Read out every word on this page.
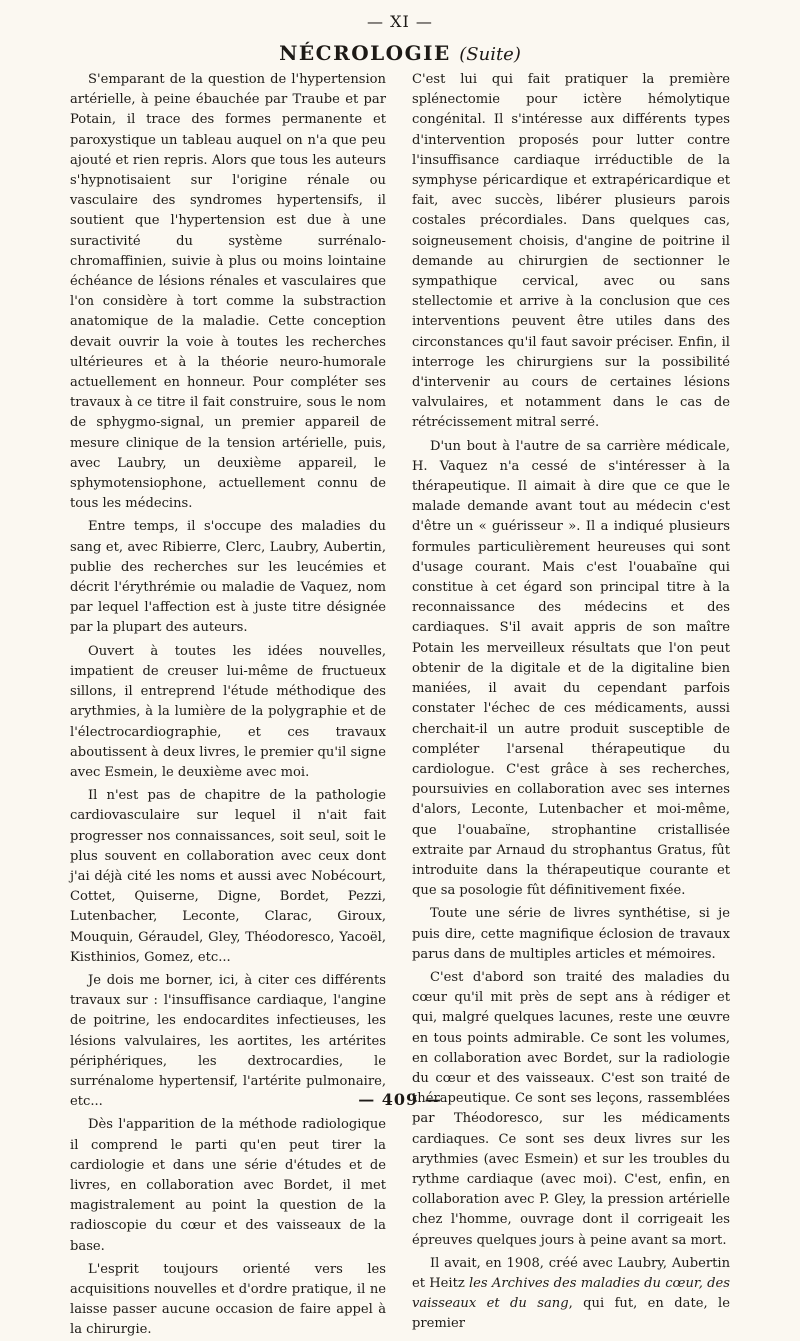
— XI —
NÉCROLOGIE (Suite)

S'emparant de la question de l'hypertension artérielle, à peine ébauchée par Traube et par Potain, il trace des formes permanente et paroxystique un tableau auquel on n'a que peu ajouté et rien repris. Alors que tous les auteurs s'hypnotisaient sur l'origine rénale ou vasculaire des syndromes hypertensifs, il soutient que l'hypertension est due à une suractivité du système surrénalo-chromaffinien, suivie à plus ou moins lointaine échéance de lésions rénales et vasculaires que l'on considère à tort comme la substraction anatomique de la maladie. Cette conception devait ouvrir la voie à toutes les recherches ultérieures et à la théorie neuro-humorale actuellement en honneur. Pour compléter ses travaux à ce titre il fait construire, sous le nom de sphygmo-signal, un premier appareil de mesure clinique de la tension artérielle, puis, avec Laubry, un deuxième appareil, le sphymotensiophone, actuellement connu de tous les médecins.

Entre temps, il s'occupe des maladies du sang et, avec Ribierre, Clerc, Laubry, Aubertin, publie des recherches sur les leucémies et décrit l'érythrémie ou maladie de Vaquez, nom par lequel l'affection est à juste titre désignée par la plupart des auteurs.

Ouvert à toutes les idées nouvelles, impatient de creuser lui-même de fructueux sillons, il entreprend l'étude méthodique des arythmies, à la lumière de la polygraphie et de l'électrocardiographie, et ces travaux aboutissent à deux livres, le premier qu'il signe avec Esmein, le deuxième avec moi.

Il n'est pas de chapitre de la pathologie cardiovasculaire sur lequel il n'ait fait progresser nos connaissances, soit seul, soit le plus souvent en collaboration avec ceux dont j'ai déjà cité les noms et aussi avec Nobécourt, Cottet, Quiserne, Digne, Bordet, Pezzi, Lutenbacher, Leconte, Clarac, Giroux, Mouquin, Géraudel, Gley, Théodoresco, Yacoël, Kisthinios, Gomez, etc...

Je dois me borner, ici, à citer ces différents travaux sur : l'insuffisance cardiaque, l'angine de poitrine, les endocardites infectieuses, les lésions valvulaires, les aortites, les artérites périphériques, les dextrocardies, le surrénalome hypertensif, l'artérite pulmonaire, etc...

Dès l'apparition de la méthode radiologique il comprend le parti qu'en peut tirer la cardiologie et dans une série d'études et de livres, en collaboration avec Bordet, il met magistralement au point la question de la radioscopie du cœur et des vaisseaux de la base.

L'esprit toujours orienté vers les acquisitions nouvelles et d'ordre pratique, il ne laisse passer aucune occasion de faire appel à la chirurgie.

C'est lui qui fait pratiquer la première splénectomie pour ictère hémolytique congénital. Il s'intéresse aux différents types d'intervention proposés pour lutter contre l'insuffisance cardiaque irréductible de la symphyse péricardique et extrapéricardique et fait, avec succès, libérer plusieurs parois costales précordiales. Dans quelques cas, soigneusement choisis, d'angine de poitrine il demande au chirurgien de sectionner le sympathique cervical, avec ou sans stellectomie et arrive à la conclusion que ces interventions peuvent être utiles dans des circonstances qu'il faut savoir préciser. Enfin, il interroge les chirurgiens sur la possibilité d'intervenir au cours de certaines lésions valvulaires, et notamment dans le cas de rétrécissement mitral serré.

D'un bout à l'autre de sa carrière médicale, H. Vaquez n'a cessé de s'intéresser à la thérapeutique. Il aimait à dire que ce que le malade demande avant tout au médecin c'est d'être un « guérisseur ». Il a indiqué plusieurs formules particulièrement heureuses qui sont d'usage courant. Mais c'est l'ouabaïne qui constitue à cet égard son principal titre à la reconnaissance des médecins et des cardiaques. S'il avait appris de son maître Potain les merveilleux résultats que l'on peut obtenir de la digitale et de la digitaline bien maniées, il avait du cependant parfois constater l'échec de ces médicaments, aussi cherchait-il un autre produit susceptible de compléter l'arsenal thérapeutique du cardiologue. C'est grâce à ses recherches, poursuivies en collaboration avec ses internes d'alors, Leconte, Lutenbacher et moi-même, que l'ouabaïne, strophantine cristallisée extraite par Arnaud du strophantus Gratus, fût introduite dans la thérapeutique courante et que sa posologie fût définitivement fixée.

Toute une série de livres synthétise, si je puis dire, cette magnifique éclosion de travaux parus dans de multiples articles et mémoires.

C'est d'abord son traité des maladies du cœur qu'il mit près de sept ans à rédiger et qui, malgré quelques lacunes, reste une œuvre en tous points admirable. Ce sont les volumes, en collaboration avec Bordet, sur la radiologie du cœur et des vaisseaux. C'est son traité de thérapeutique. Ce sont ses leçons, rassemblées par Théodoresco, sur les médicaments cardiaques. Ce sont ses deux livres sur les arythmies (avec Esmein) et sur les troubles du rythme cardiaque (avec moi). C'est, enfin, en collaboration avec P. Gley, la pression artérielle chez l'homme, ouvrage dont il corrigeait les épreuves quelques jours à peine avant sa mort.

Il avait, en 1908, créé avec Laubry, Aubertin et Heitz les Archives des maladies du cœur, des vaisseaux et du sang, qui fut, en date, le premier

— 409 —
